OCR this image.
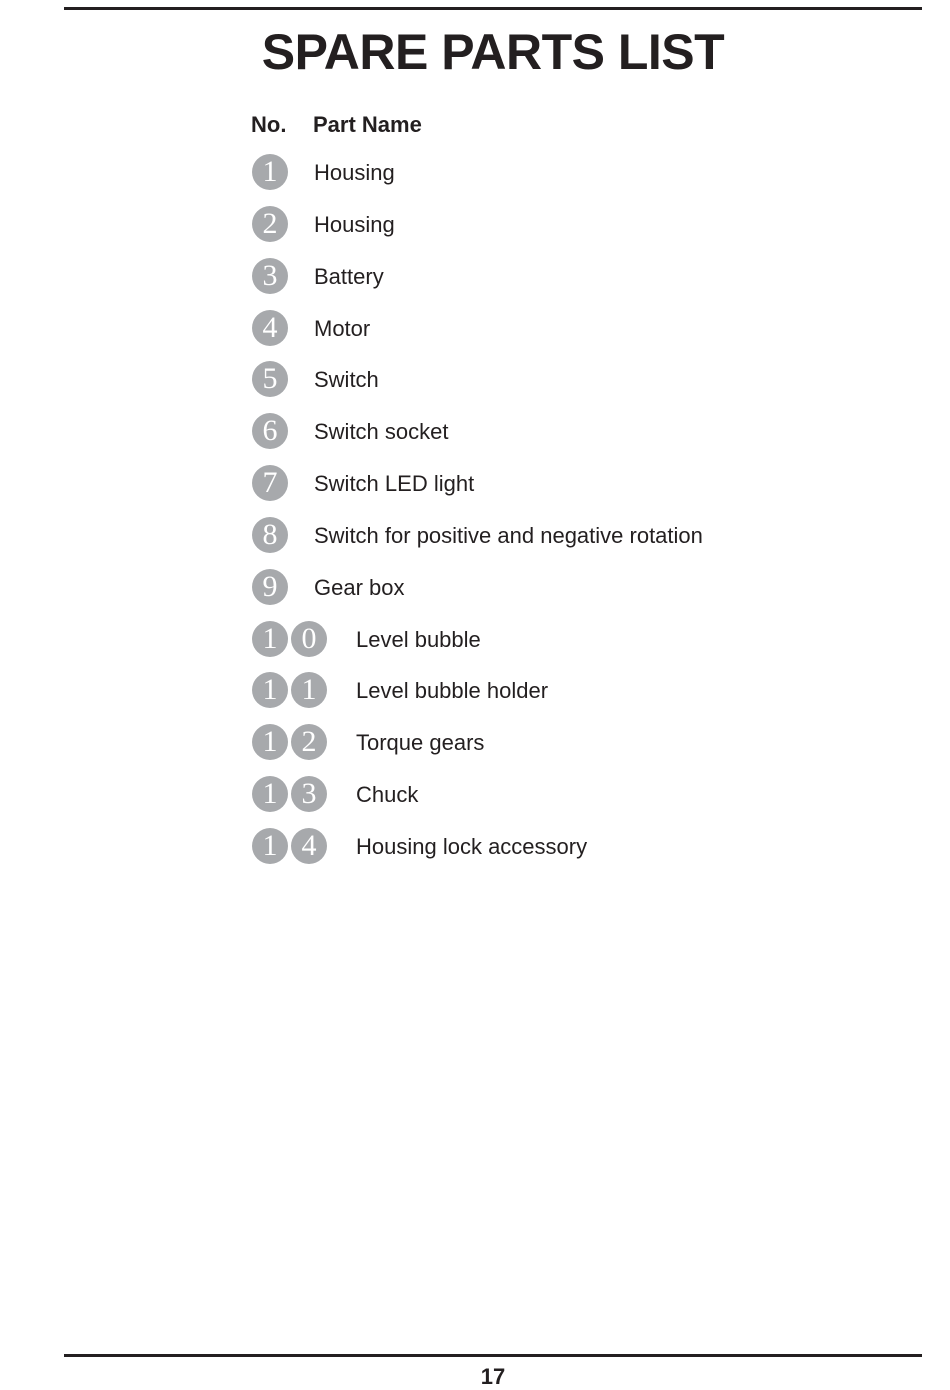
SPARE PARTS LIST
No. Part Name
1	Housing
2	Housing
3	Battery
4	Motor
5	Switch
6	Switch socket
7	Switch LED light
8	Switch for positive and negative rotation
9	Gear box
1 0	Level bubble
1 1	Level bubble holder
1 2	Torque gears
1 3	Chuck
1 4	Housing lock accessory
17
